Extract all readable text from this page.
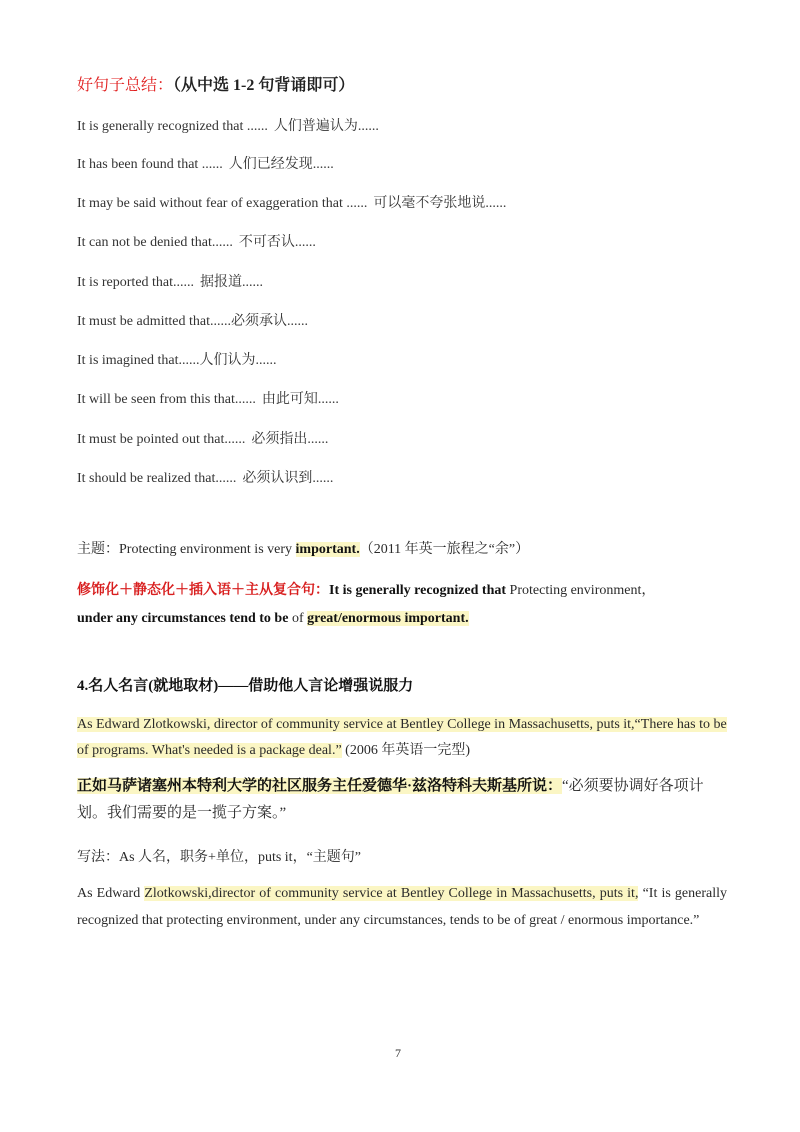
好句子总结：（从中选 1-2 句背诵即可）
It is generally recognized that ...... 人们普遍认为......
It has been found that ...... 人们已经发现......
It may be said without fear of exaggeration that ...... 可以毫不夸张地说......
It can not be denied that...... 不可否认......
It is reported that...... 据报道......
It must be admitted that......必须承认......
It is imagined that......人们认为......
It will be seen from this that...... 由此可知......
It must be pointed out that...... 必须指出......
It should be realized that...... 必须认识到......
主题：Protecting environment is very important.（2011 年英一旅程之“余”）
修饰化＋静态化＋插入语＋主从复合句：It is generally recognized that Protecting environment，
under any circumstances tend to be of great/enormous important.
4.名人名言(就地取材)——借助他人言论增强说服力
As Edward Zlotkowski, director of community service at Bentley College in Massachusetts, puts it,“There has to be of programs. What's needed is a package deal.” (2006 年英语一完型)
正如马萨诸塞州本特利大学的社区服务主任爱德华·兹洛特科夫斯基所说：“必须要协调好各项计划。我们需要的是一揽子方案。”
写法：As 人名，职务+单位，puts it，“主题句”
As Edward Zlotkowski,director of community service at Bentley College in Massachusetts, puts it, “It is generally recognized that protecting environment, under any circumstances, tends to be of great / enormous importance.”
7
